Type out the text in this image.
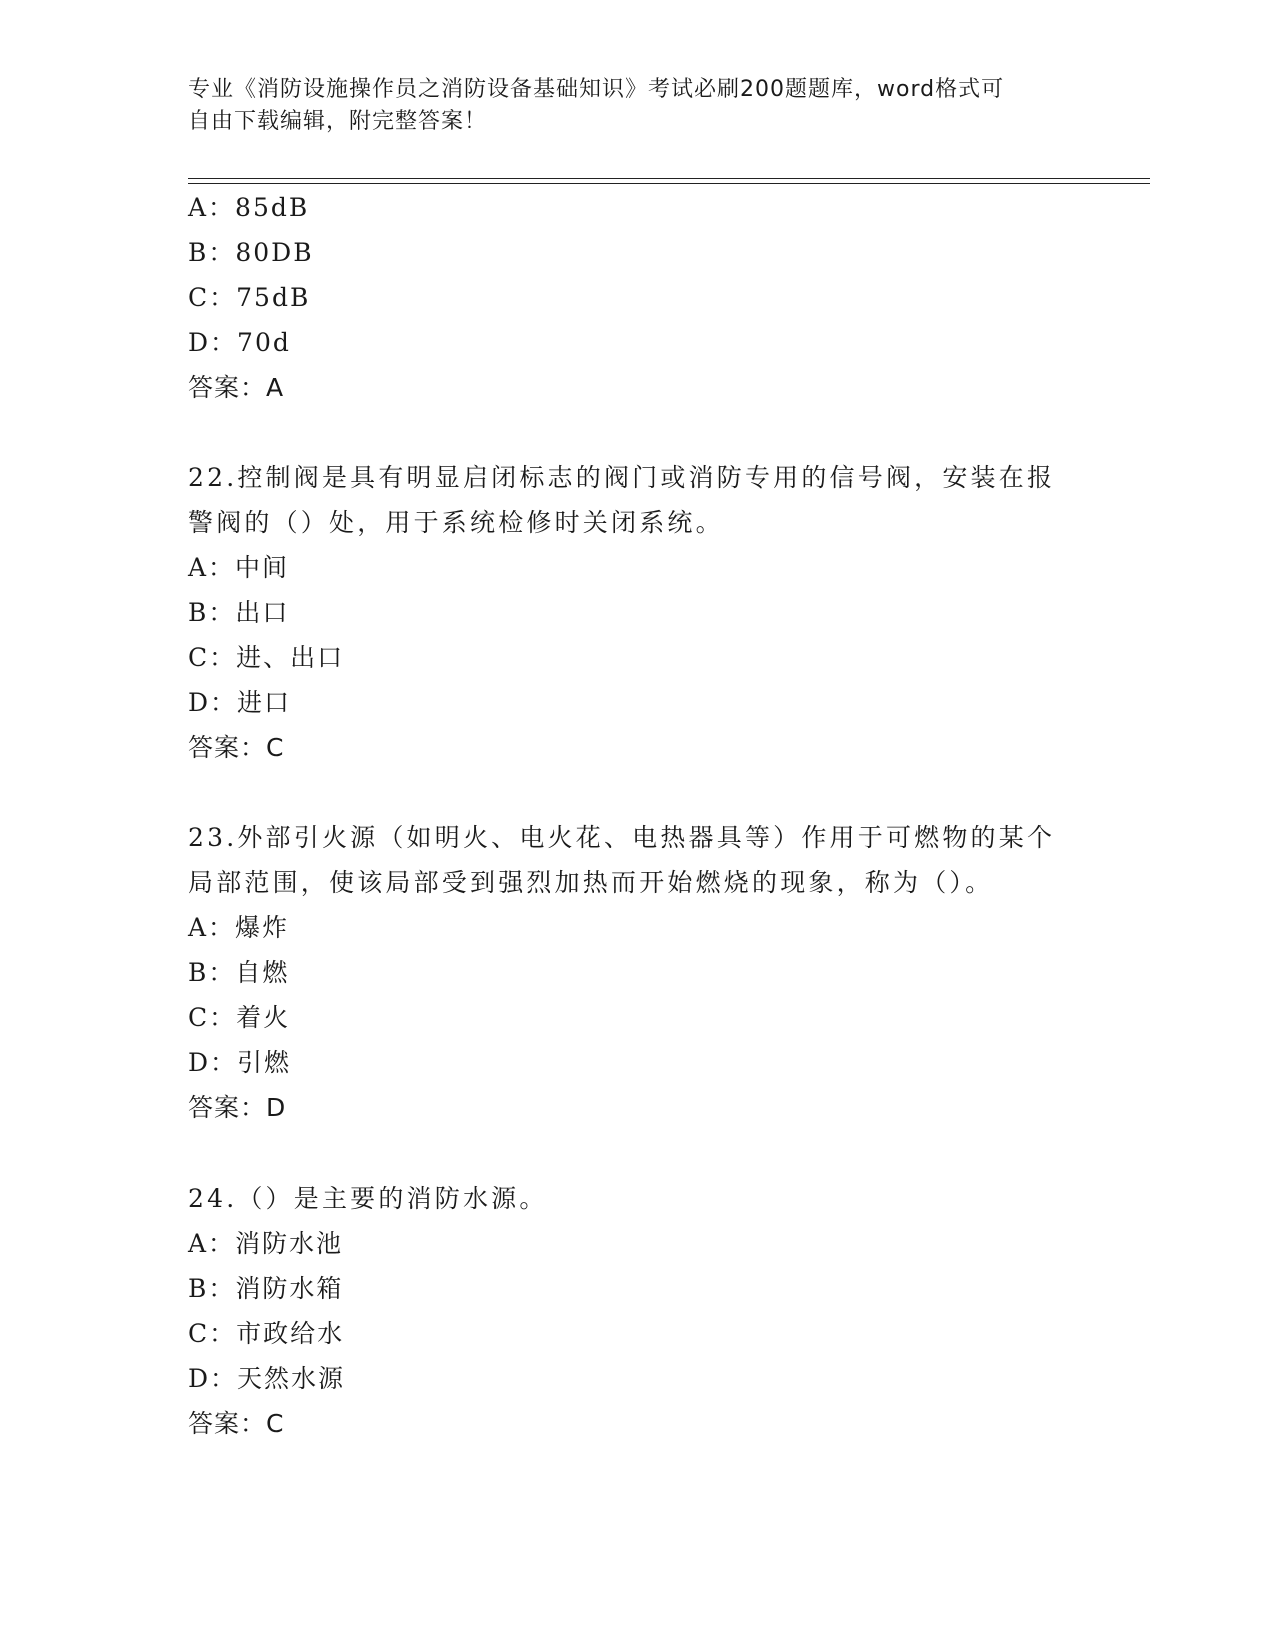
专业《消防设施操作员之消防设备基础知识》考试必刷200题题库，word格式可
自由下载编辑，附完整答案！
A：85dB
B：80DB
C：75dB
D：70d
答案：A
22.控制阀是具有明显启闭标志的阀门或消防专用的信号阀，安装在报
警阀的（）处，用于系统检修时关闭系统。
A：中间
B：出口
C：进、出口
D：进口
答案：C
23.外部引火源（如明火、电火花、电热器具等）作用于可燃物的某个
局部范围，使该局部受到强烈加热而开始燃烧的现象，称为（）。
A：爆炸
B：自燃
C：着火
D：引燃
答案：D
24.（）是主要的消防水源。
A：消防水池
B：消防水箱
C：市政给水
D：天然水源
答案：C
